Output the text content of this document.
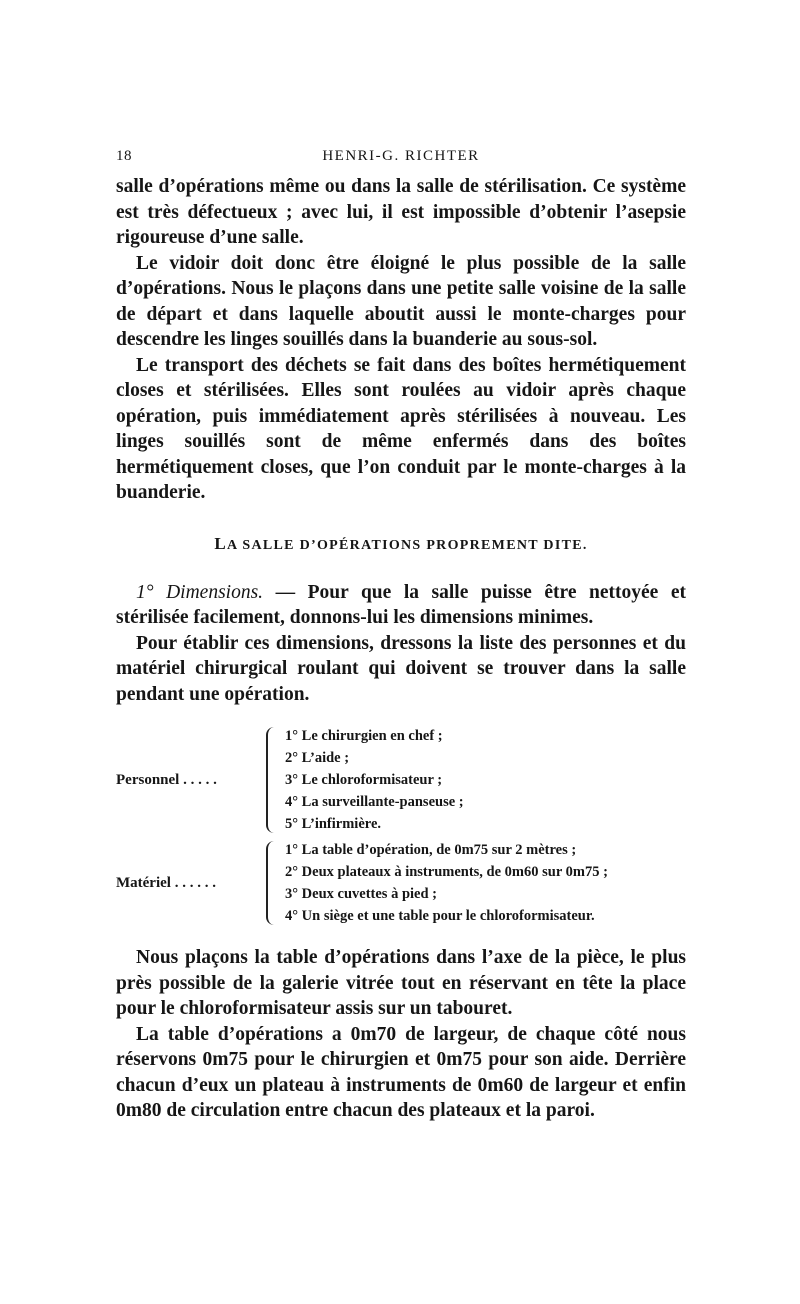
18	HENRI-G. RICHTER

salle d’opérations même ou dans la salle de stérilisation. Ce système est très défectueux ; avec lui, il est impossible d’obtenir l’asepsie rigoureuse d’une salle.

Le vidoir doit donc être éloigné le plus possible de la salle d’opérations. Nous le plaçons dans une petite salle voisine de la salle de départ et dans laquelle aboutit aussi le monte-charges pour descendre les linges souillés dans la buanderie au sous-sol.

Le transport des déchets se fait dans des boîtes hermétiquement closes et stérilisées. Elles sont roulées au vidoir après chaque opération, puis immédiatement après stérilisées à nouveau. Les linges souillés sont de même enfermés dans des boîtes hermétiquement closes, que l’on conduit par le monte-charges à la buanderie.

LA SALLE D’OPÉRATIONS PROPREMENT DITE.

1° Dimensions. — Pour que la salle puisse être nettoyée et stérilisée facilement, donnons-lui les dimensions minimes.

Pour établir ces dimensions, dressons la liste des personnes et du matériel chirurgical roulant qui doivent se trouver dans la salle pendant une opération.

Personnel . . . . .
1° Le chirurgien en chef ;
2° L’aide ;
3° Le chloroformisateur ;
4° La surveillante-panseuse ;
5° L’infirmière.
Matériel . . . . . .
1° La table d’opération, de 0m75 sur 2 mètres ;
2° Deux plateaux à instruments, de 0m60 sur 0m75 ;
3° Deux cuvettes à pied ;
4° Un siège et une table pour le chloroformisateur.

Nous plaçons la table d’opérations dans l’axe de la pièce, le plus près possible de la galerie vitrée tout en réservant en tête la place pour le chloroformisateur assis sur un tabouret.

La table d’opérations a 0m70 de largeur, de chaque côté nous réservons 0m75 pour le chirurgien et 0m75 pour son aide. Derrière chacun d’eux un plateau à instruments de 0m60 de largeur et enfin 0m80 de circulation entre chacun des plateaux et la paroi.
